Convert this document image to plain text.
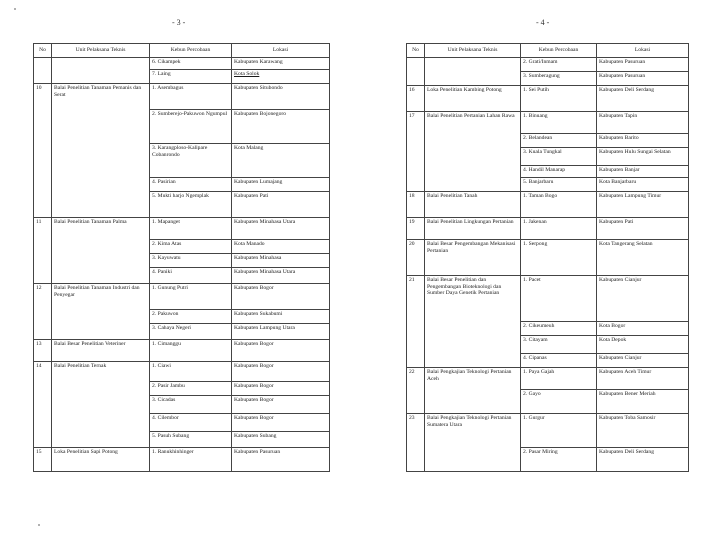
- 3 -	- 4 -
No	Unit Pelaksana Teknis	Kebun Percobaan	Lokasi
		6. Cikampek	Kabupaten Karawang
		7. Laing	Kota Solok
10	Balai Penelitian Tanaman Pemanis dan Serat	1. Asembagus	Kabupaten Situbondo
		2. Sumberejo-Pakuwon Ngumpul	Kabupaten Bojonegoro
		3. Karangploso-Kalipare Cobanrondo	Kota Malang
		4. Pasirian	Kabupaten Lumajang
		5. Mukti harjo Ngemplak	Kabupaten Pati
11	Balai Penelitian Tanaman Palma	1. Mapanget	Kabupaten Minahasa Utara
		2. Kima Atas	Kota Manado
		3. Kayuwatu	Kabupaten Minahasa
		4. Paniki	Kabupaten Minahasa Utara
12	Balai Penelitian Tanaman Industri dan Penyegar	1. Gunung Putri	Kabupaten Bogor
		2. Pakuwon	Kabupaten Sukabumi
		3. Cahaya Negeri	Kabupaten Lampung Utara
13	Balai Besar Penelitian Veteriner	1. Cimanggu	Kabupaten Bogor
14	Balai Penelitian Ternak	1. Ciawi	Kabupaten Bogor
		2. Pasir Jambu	Kabupaten Bogor
		3. Cicadas	Kabupaten Bogor
		4. Cilembor	Kabupaten Bogor
		5. Pasuh Subang	Kabupaten Subang
15	Loka Penelitian Sapi Potong	1. Ranukhinhinger	Kabupaten Pasuruan
No	Unit Pelaksana Teknis	Kebun Percobaan	Lokasi
		2. Grati/Inmam	Kabupaten Pasuruan
		3. Sumberagung	Kabupaten Pasuruan
16	Loka Penelitian Kambing Potong	1. Sei Putih	Kabupaten Deli Serdang
17	Balai Penelitian Pertanian Lahan Rawa	1. Binuang	Kabupaten Tapin
		2. Belandean	Kabupaten Barito
		3. Kuala Tungkal	Kabupaten Hulu Sungai Selatan
		4. Handil Manarap	Kabupaten Banjar
		5. Banjarbaru	Kota Banjarbaru
18	Balai Penelitian Tanah	1. Taman Bogo	Kabupaten Lampung Timur
19	Balai Penelitian Lingkungan Pertanian	1. Jakenan	Kabupaten Pati
20	Balai Besar Pengembangan Mekanisasi Pertanian	1. Serpong	Kota Tangerang Selatan
21	Balai Besar Penelitian dan Pengembangan Bioteknologi dan Sumber Daya Genetik Pertanian	1. Pacet	Kabupaten Cianjur
		2. Cikeumeuh	Kota Bogor
		3. Citayam	Kota Depok
		4. Cipanas	Kabupaten Cianjur
22	Balai Pengkajian Teknologi Pertanian Aceh	1. Paya Gajah	Kabupaten Aceh Timur
		2. Gayo	Kabupaten Bener Meriah
23	Balai Pengkajian Teknologi Pertanian Sumatera Utara	1. Gurgur	Kabupaten Toba Samosir
		2. Pasar Miring	Kabupaten Deli Serdang
